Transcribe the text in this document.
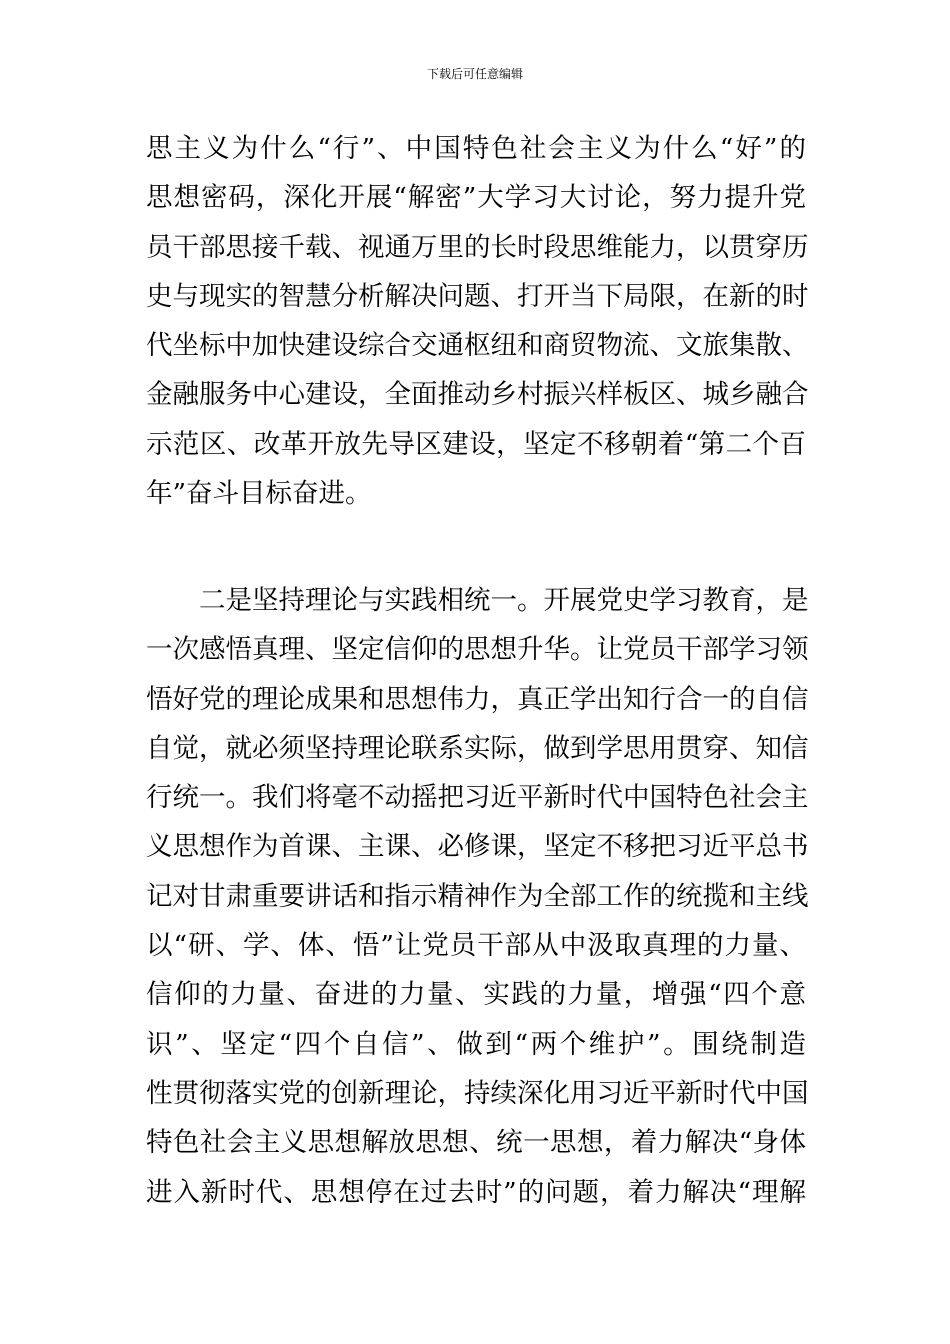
下载后可任意编辑
思主义为什么“行”、中国特色社会主义为什么“好”的
思想密码，深化开展“解密”大学习大讨论，努力提升党
员干部思接千载、视通万里的长时段思维能力，以贯穿历
史与现实的智慧分析解决问题、打开当下局限，在新的时
代坐标中加快建设综合交通枢纽和商贸物流、文旅集散、
金融服务中心建设，全面推动乡村振兴样板区、城乡融合
示范区、改革开放先导区建设，坚定不移朝着“第二个百
年”奋斗目标奋进。
二是坚持理论与实践相统一。开展党史学习教育，是
一次感悟真理、坚定信仰的思想升华。让党员干部学习领
悟好党的理论成果和思想伟力，真正学出知行合一的自信
自觉，就必须坚持理论联系实际，做到学思用贯穿、知信
行统一。我们将毫不动摇把习近平新时代中国特色社会主
义思想作为首课、主课、必修课，坚定不移把习近平总书
记对甘肃重要讲话和指示精神作为全部工作的统揽和主线
以“研、学、体、悟”让党员干部从中汲取真理的力量、
信仰的力量、奋进的力量、实践的力量，增强“四个意
识”、坚定“四个自信”、做到“两个维护”。围绕制造
性贯彻落实党的创新理论，持续深化用习近平新时代中国
特色社会主义思想解放思想、统一思想，着力解决“身体
进入新时代、思想停在过去时”的问题，着力解决“理解
